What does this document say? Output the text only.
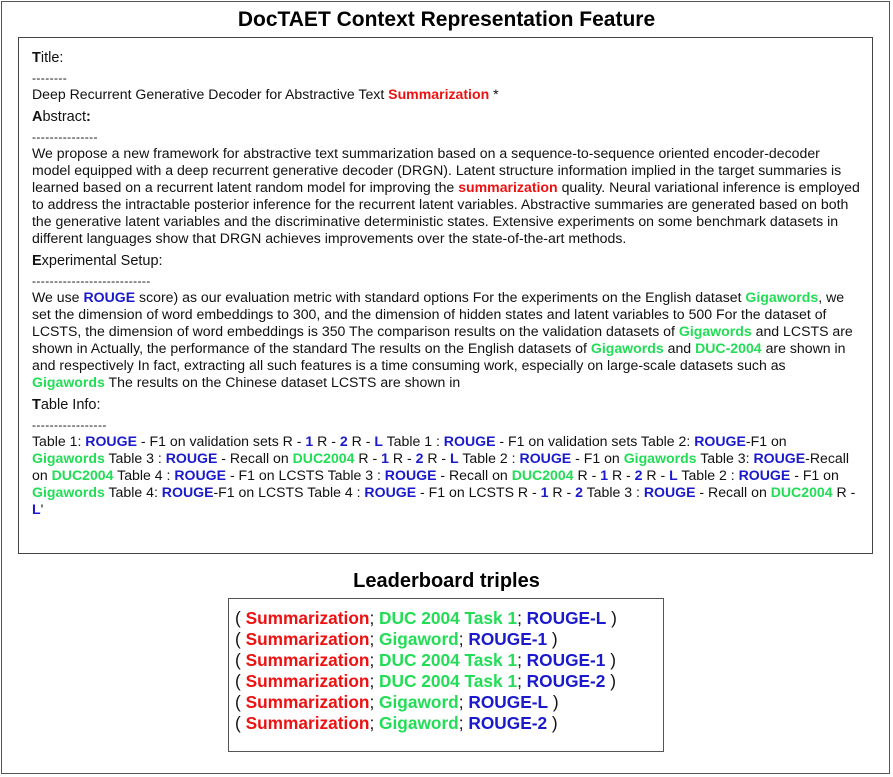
DocTAET Context Representation Feature
Title:
--------

Deep Recurrent Generative Decoder for Abstractive Text Summarization *

Abstract:
---------------

We propose a new framework for abstractive text summarization based on a sequence-to-sequence oriented encoder-decoder model equipped with a deep recurrent generative decoder (DRGN). Latent structure information implied in the target summaries is learned based on a recurrent latent random model for improving the summarization quality. Neural variational inference is employed to address the intractable posterior inference for the recurrent latent variables. Abstractive summaries are generated based on both the generative latent variables and the discriminative deterministic states. Extensive experiments on some benchmark datasets in different languages show that DRGN achieves improvements over the state-of-the-art methods.

Experimental Setup:
---------------------------

We use ROUGE score) as our evaluation metric with standard options For the experiments on the English dataset Gigawords, we set the dimension of word embeddings to 300, and the dimension of hidden states and latent variables to 500 For the dataset of LCSTS, the dimension of word embeddings is 350 The comparison results on the validation datasets of Gigawords and LCSTS are shown in Actually, the performance of the standard The results on the English datasets of Gigawords and DUC-2004 are shown in and respectively In fact, extracting all such features is a time consuming work, especially on large-scale datasets such as Gigawords The results on the Chinese dataset LCSTS are shown in

Table Info:
-----------------

Table 1: ROUGE - F1 on validation sets R - 1 R - 2 R - L Table 1 : ROUGE - F1 on validation sets Table 2: ROUGE-F1 on Gigawords Table 3 : ROUGE - Recall on DUC2004 R - 1 R - 2 R - L Table 2 : ROUGE - F1 on Gigawords Table 3: ROUGE-Recall on DUC2004 Table 4 : ROUGE - F1 on LCSTS Table 3 : ROUGE - Recall on DUC2004 R - 1 R - 2 R - L Table 2 : ROUGE - F1 on Gigawords Table 4: ROUGE-F1 on LCSTS Table 4 : ROUGE - F1 on LCSTS R - 1 R - 2 Table 3 : ROUGE - Recall on DUC2004 R - L'

Leaderboard triples
( Summarization; DUC 2004 Task 1; ROUGE-L )
( Summarization; Gigaword; ROUGE-1 )
( Summarization; DUC 2004 Task 1; ROUGE-1 )
( Summarization; DUC 2004 Task 1; ROUGE-2 )
( Summarization; Gigaword; ROUGE-L )
( Summarization; Gigaword; ROUGE-2 )
